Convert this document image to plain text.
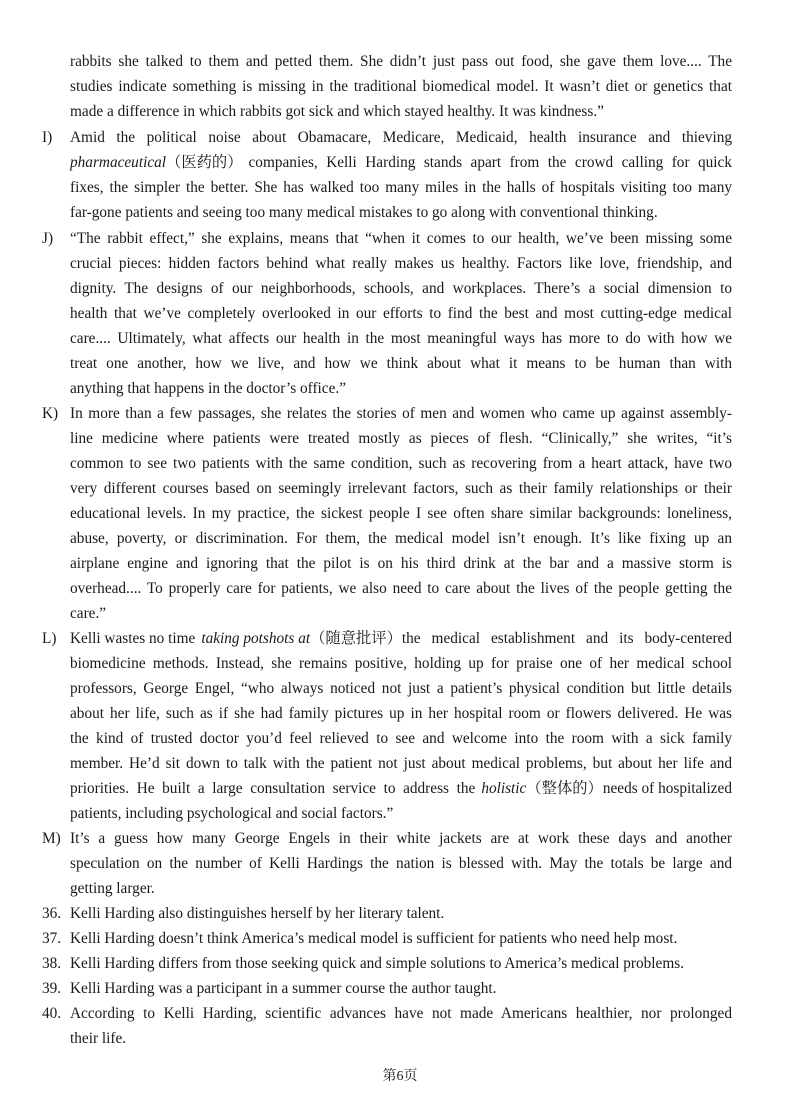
rabbits she talked to them and petted them. She didn’t just pass out food, she gave them love.... The
studies indicate something is missing in the traditional biomedical model. It wasn’t diet or genetics that
made a difference in which rabbits got sick and which stayed healthy. It was kindness.”
I) Amid the political noise about Obamacare, Medicare, Medicaid, health insurance and thieving
pharmaceutical（医药的） companies, Kelli Harding stands apart from the crowd calling for quick
fixes, the simpler the better. She has walked too many miles in the halls of hospitals visiting too many
far-gone patients and seeing too many medical mistakes to go along with conventional thinking.
J) “The rabbit effect,” she explains, means that “when it comes to our health, we’ve been missing some
crucial pieces: hidden factors behind what really makes us healthy. Factors like love, friendship, and
dignity. The designs of our neighborhoods, schools, and workplaces. There’s a social dimension to
health that we’ve completely overlooked in our efforts to find the best and most cutting-edge medical
care.... Ultimately, what affects our health in the most meaningful ways has more to do with how we
treat one another, how we live, and how we think about what it means to be human than with
anything that happens in the doctor’s office.”
K) In more than a few passages, she relates the stories of men and women who came up against assembly-
line medicine where patients were treated mostly as pieces of flesh. “Clinically,” she writes, “it’s
common to see two patients with the same condition, such as recovering from a heart attack, have two
very different courses based on seemingly irrelevant factors, such as their family relationships or their
educational levels. In my practice, the sickest people I see often share similar backgrounds: loneliness,
abuse, poverty, or discrimination. For them, the medical model isn’t enough. It’s like fixing up an
airplane engine and ignoring that the pilot is on his third drink at the bar and a massive storm is
overhead.... To properly care for patients, we also need to care about the lives of the people getting the
care.”
L) Kelli wastes no time taking potshots at（随意批评） the medical establishment and its body-centered
biomedicine methods. Instead, she remains positive, holding up for praise one of her medical school
professors, George Engel, “who always noticed not just a patient’s physical condition but little details
about her life, such as if she had family pictures up in her hospital room or flowers delivered. He was
the kind of trusted doctor you’d feel relieved to see and welcome into the room with a sick family
member. He’d sit down to talk with the patient not just about medical problems, but about her life and
priorities. He built a large consultation service to address the holistic（整体的） needs of hospitalized
patients, including psychological and social factors.”
M) It’s a guess how many George Engels in their white jackets are at work these days and another
speculation on the number of Kelli Hardings the nation is blessed with. May the totals be large and
getting larger.
36. Kelli Harding also distinguishes herself by her literary talent.
37. Kelli Harding doesn’t think America’s medical model is sufficient for patients who need help most.
38. Kelli Harding differs from those seeking quick and simple solutions to America’s medical problems.
39. Kelli Harding was a participant in a summer course the author taught.
40. According to Kelli Harding, scientific advances have not made Americans healthier, nor prolonged
their life.
第6页
